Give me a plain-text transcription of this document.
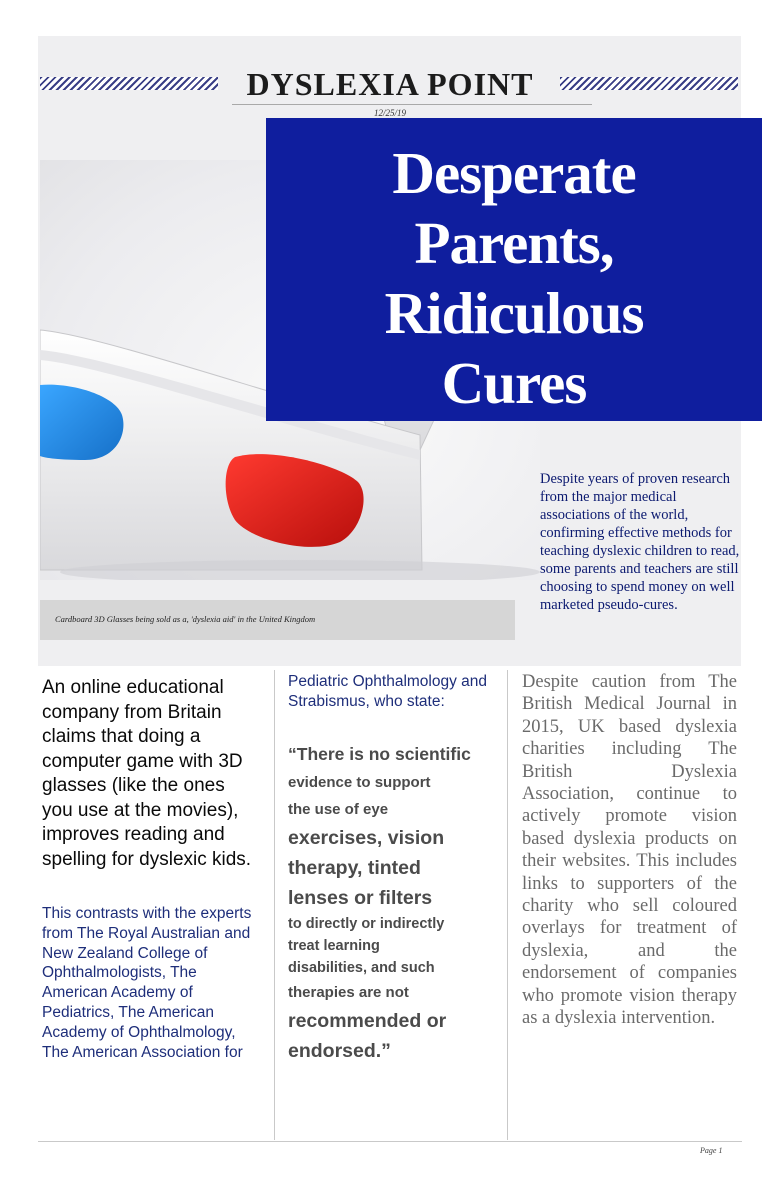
DYSLEXIA POINT
12/25/19

Cardboard 3D Glasses being sold as a, 'dyslexia aid' in the United Kingdom

Desperate
Parents,
Ridiculous
Cures

Despite years of proven research from the major medical associations of the world, confirming effective methods for teaching dyslexic children to read, some parents and teachers are still choosing to spend money on well marketed pseudo-cures.

An online educational company from Britain claims that doing a computer game with 3D glasses (like the ones you use at the movies), improves reading and spelling for dyslexic kids.

This contrasts with the experts from The Royal Australian and New Zealand College of Ophthalmologists, The American Academy of Pediatrics, The American Academy of Ophthalmology, The American Association for

Pediatric Ophthalmology and Strabismus, who state:

“There is no scientific
evidence to support
the use of eye
exercises, vision
therapy, tinted
lenses or filters
to directly or indirectly
treat learning
disabilities, and such
therapies are not
recommended or
endorsed.”

Despite caution from The British Medical Journal in 2015, UK based dyslexia charities including The British Dyslexia Association, continue to actively promote vision based dyslexia products on their websites. This includes links to supporters of the charity who sell coloured overlays for treatment of dyslexia, and the endorsement of companies who promote vision therapy as a dyslexia intervention.

Page 1
